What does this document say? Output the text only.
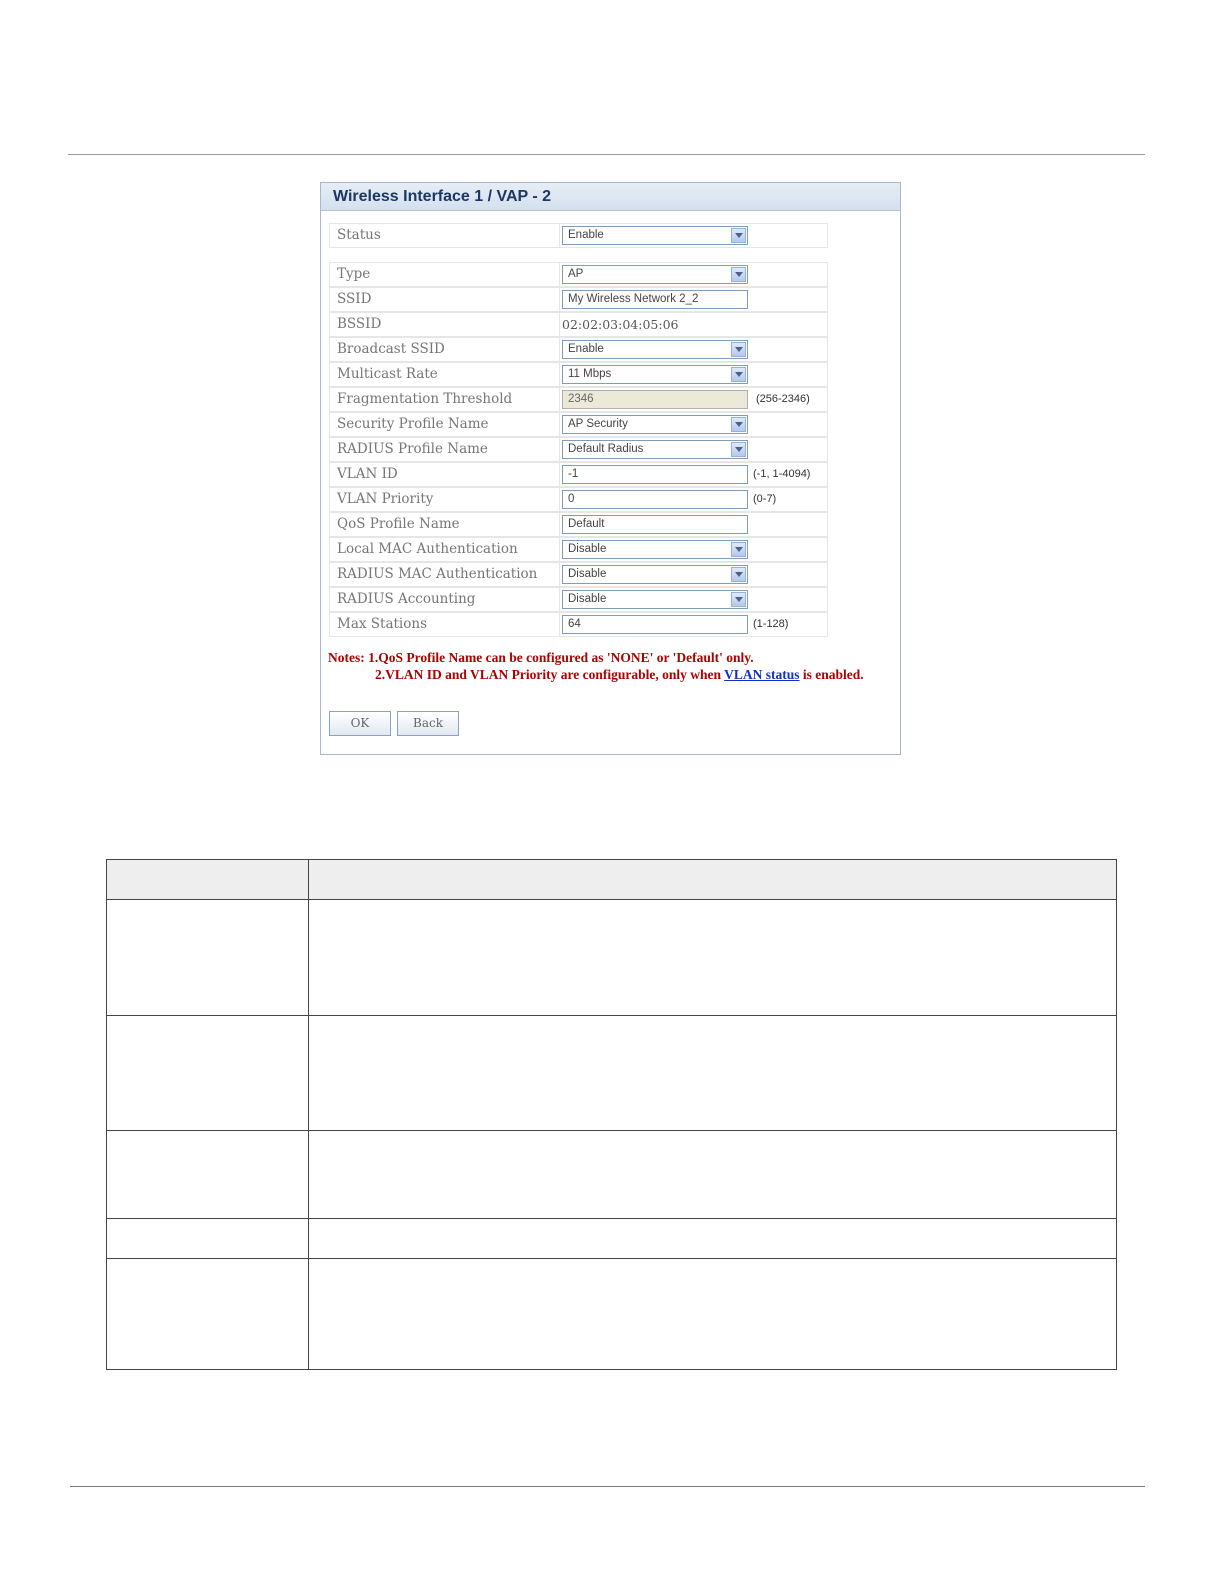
Wireless Interface 1 / VAP - 2
Status	Enable
Type	AP
SSID	My Wireless Network 2_2
BSSID	02:02:03:04:05:06
Broadcast SSID	Enable
Multicast Rate	11 Mbps
Fragmentation Threshold	2346	(256-2346)
Security Profile Name	AP Security
RADIUS Profile Name	Default Radius
VLAN ID	-1	(-1, 1-4094)
VLAN Priority	0	(0-7)
QoS Profile Name	Default
Local MAC Authentication	Disable
RADIUS MAC Authentication	Disable
RADIUS Accounting	Disable
Max Stations	64	(1-128)
Notes: 1.QoS Profile Name can be configured as 'NONE' or 'Default' only.
2.VLAN ID and VLAN Priority are configurable, only when VLAN status is enabled.
OK	Back
